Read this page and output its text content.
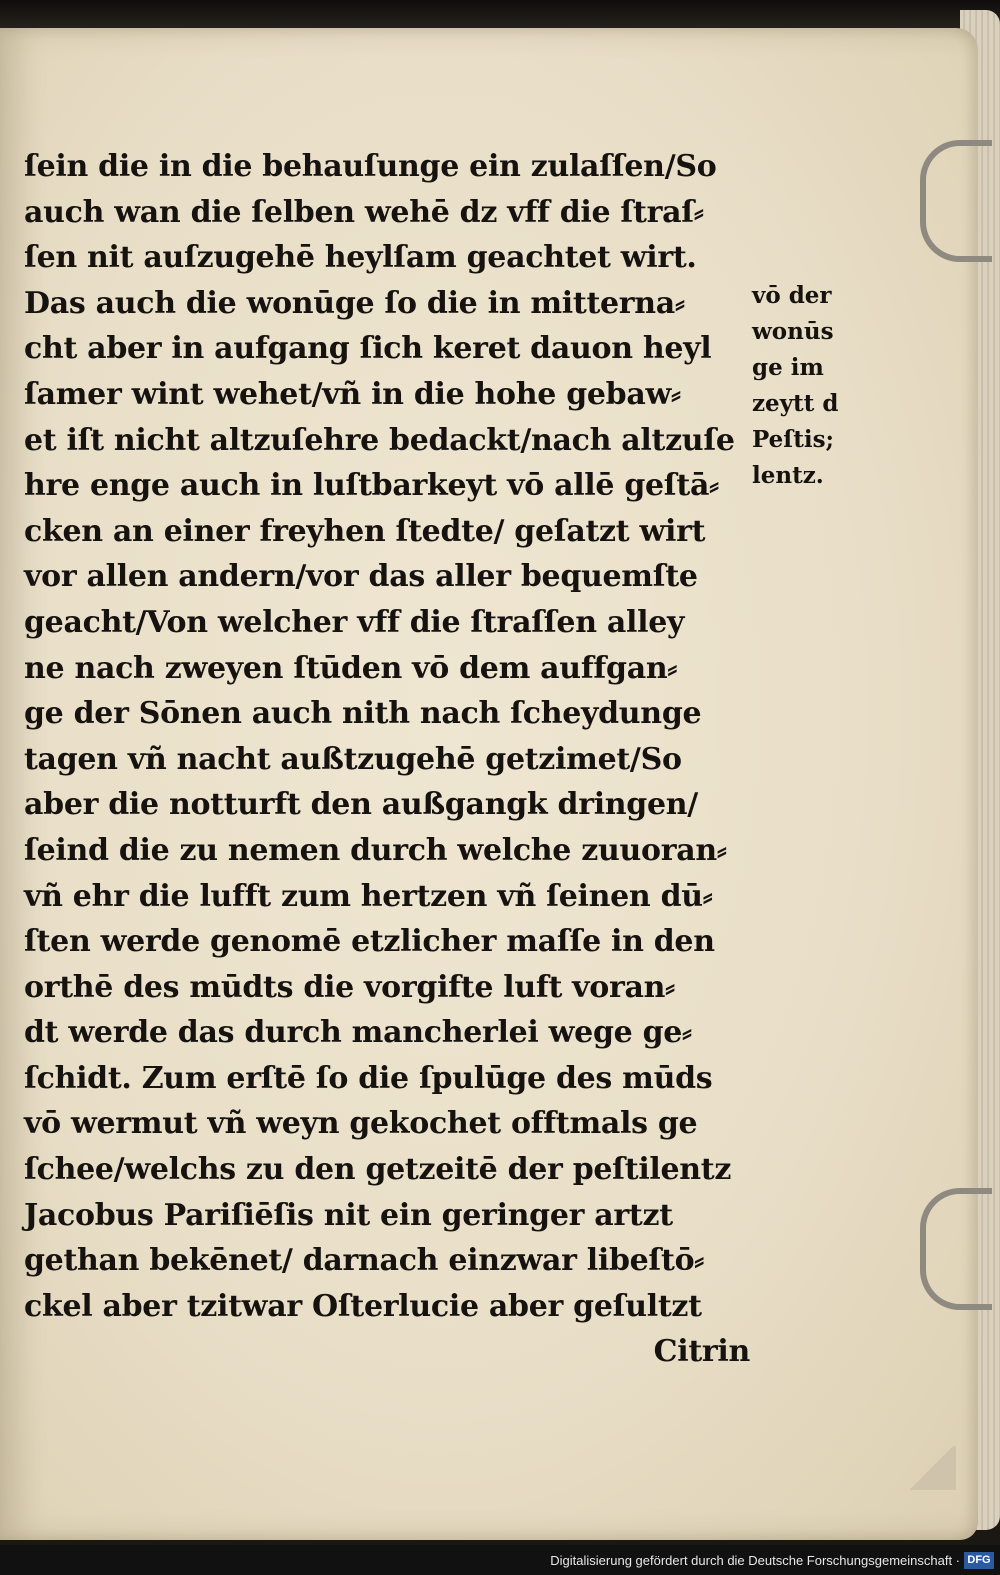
ſein die in die behauſunge ein zulaſſen/So
auch wan die ſelben wehē dz vff die ſtraſ⸗
ſen nit auſzugehē heylſam geachtet wirt.
Das auch die wonūge ſo die in mitterna⸗
cht aber in aufgang ſich keret dauon heyl
ſamer wint wehet/vñ in die hohe gebaw⸗
et iſt nicht altzuſehre bedackt/nach altzuſe
hre enge auch in luſtbarkeyt vō allē geſtā⸗
cken an einer freyhen ſtedte/ geſatzt wirt
vor allen andern/vor das aller bequemſte
geacht/Von welcher vff die ſtraſſen alley
ne nach zweyen ſtūden vō dem auffgan⸗
ge der Sōnen auch nith nach ſcheydunge
tagen vñ nacht außtzugehē getzimet/So
aber die notturft den außgangk dringen/
ſeind die zu nemen durch welche zuuoran⸗
vñ ehr die lufft zum hertzen vñ ſeinen dū⸗
ſten werde genomē etzlicher maſſe in den
orthē des mūdts die vorgifte luft voran⸗
dt werde das durch mancherlei wege ge⸗
ſchidt. Zum erſtē ſo die ſpulūge des mūds
vō wermut vñ weyn gekochet offtmals ge
ſchee/welchs zu den getzeitē der peſtilentz
Jacobus Pariſiēſis nit ein geringer artzt
gethan bekēnet/ darnach einzwar libeſtō⸗
ckel aber tzitwar Oſterlucie aber geſultzt
Citrin
vō der
wonūs
ge im
zeytt d
Peſtis;
lentz.
Digitalisierung gefördert durch die Deutsche Forschungsgemeinschaft · DFG
